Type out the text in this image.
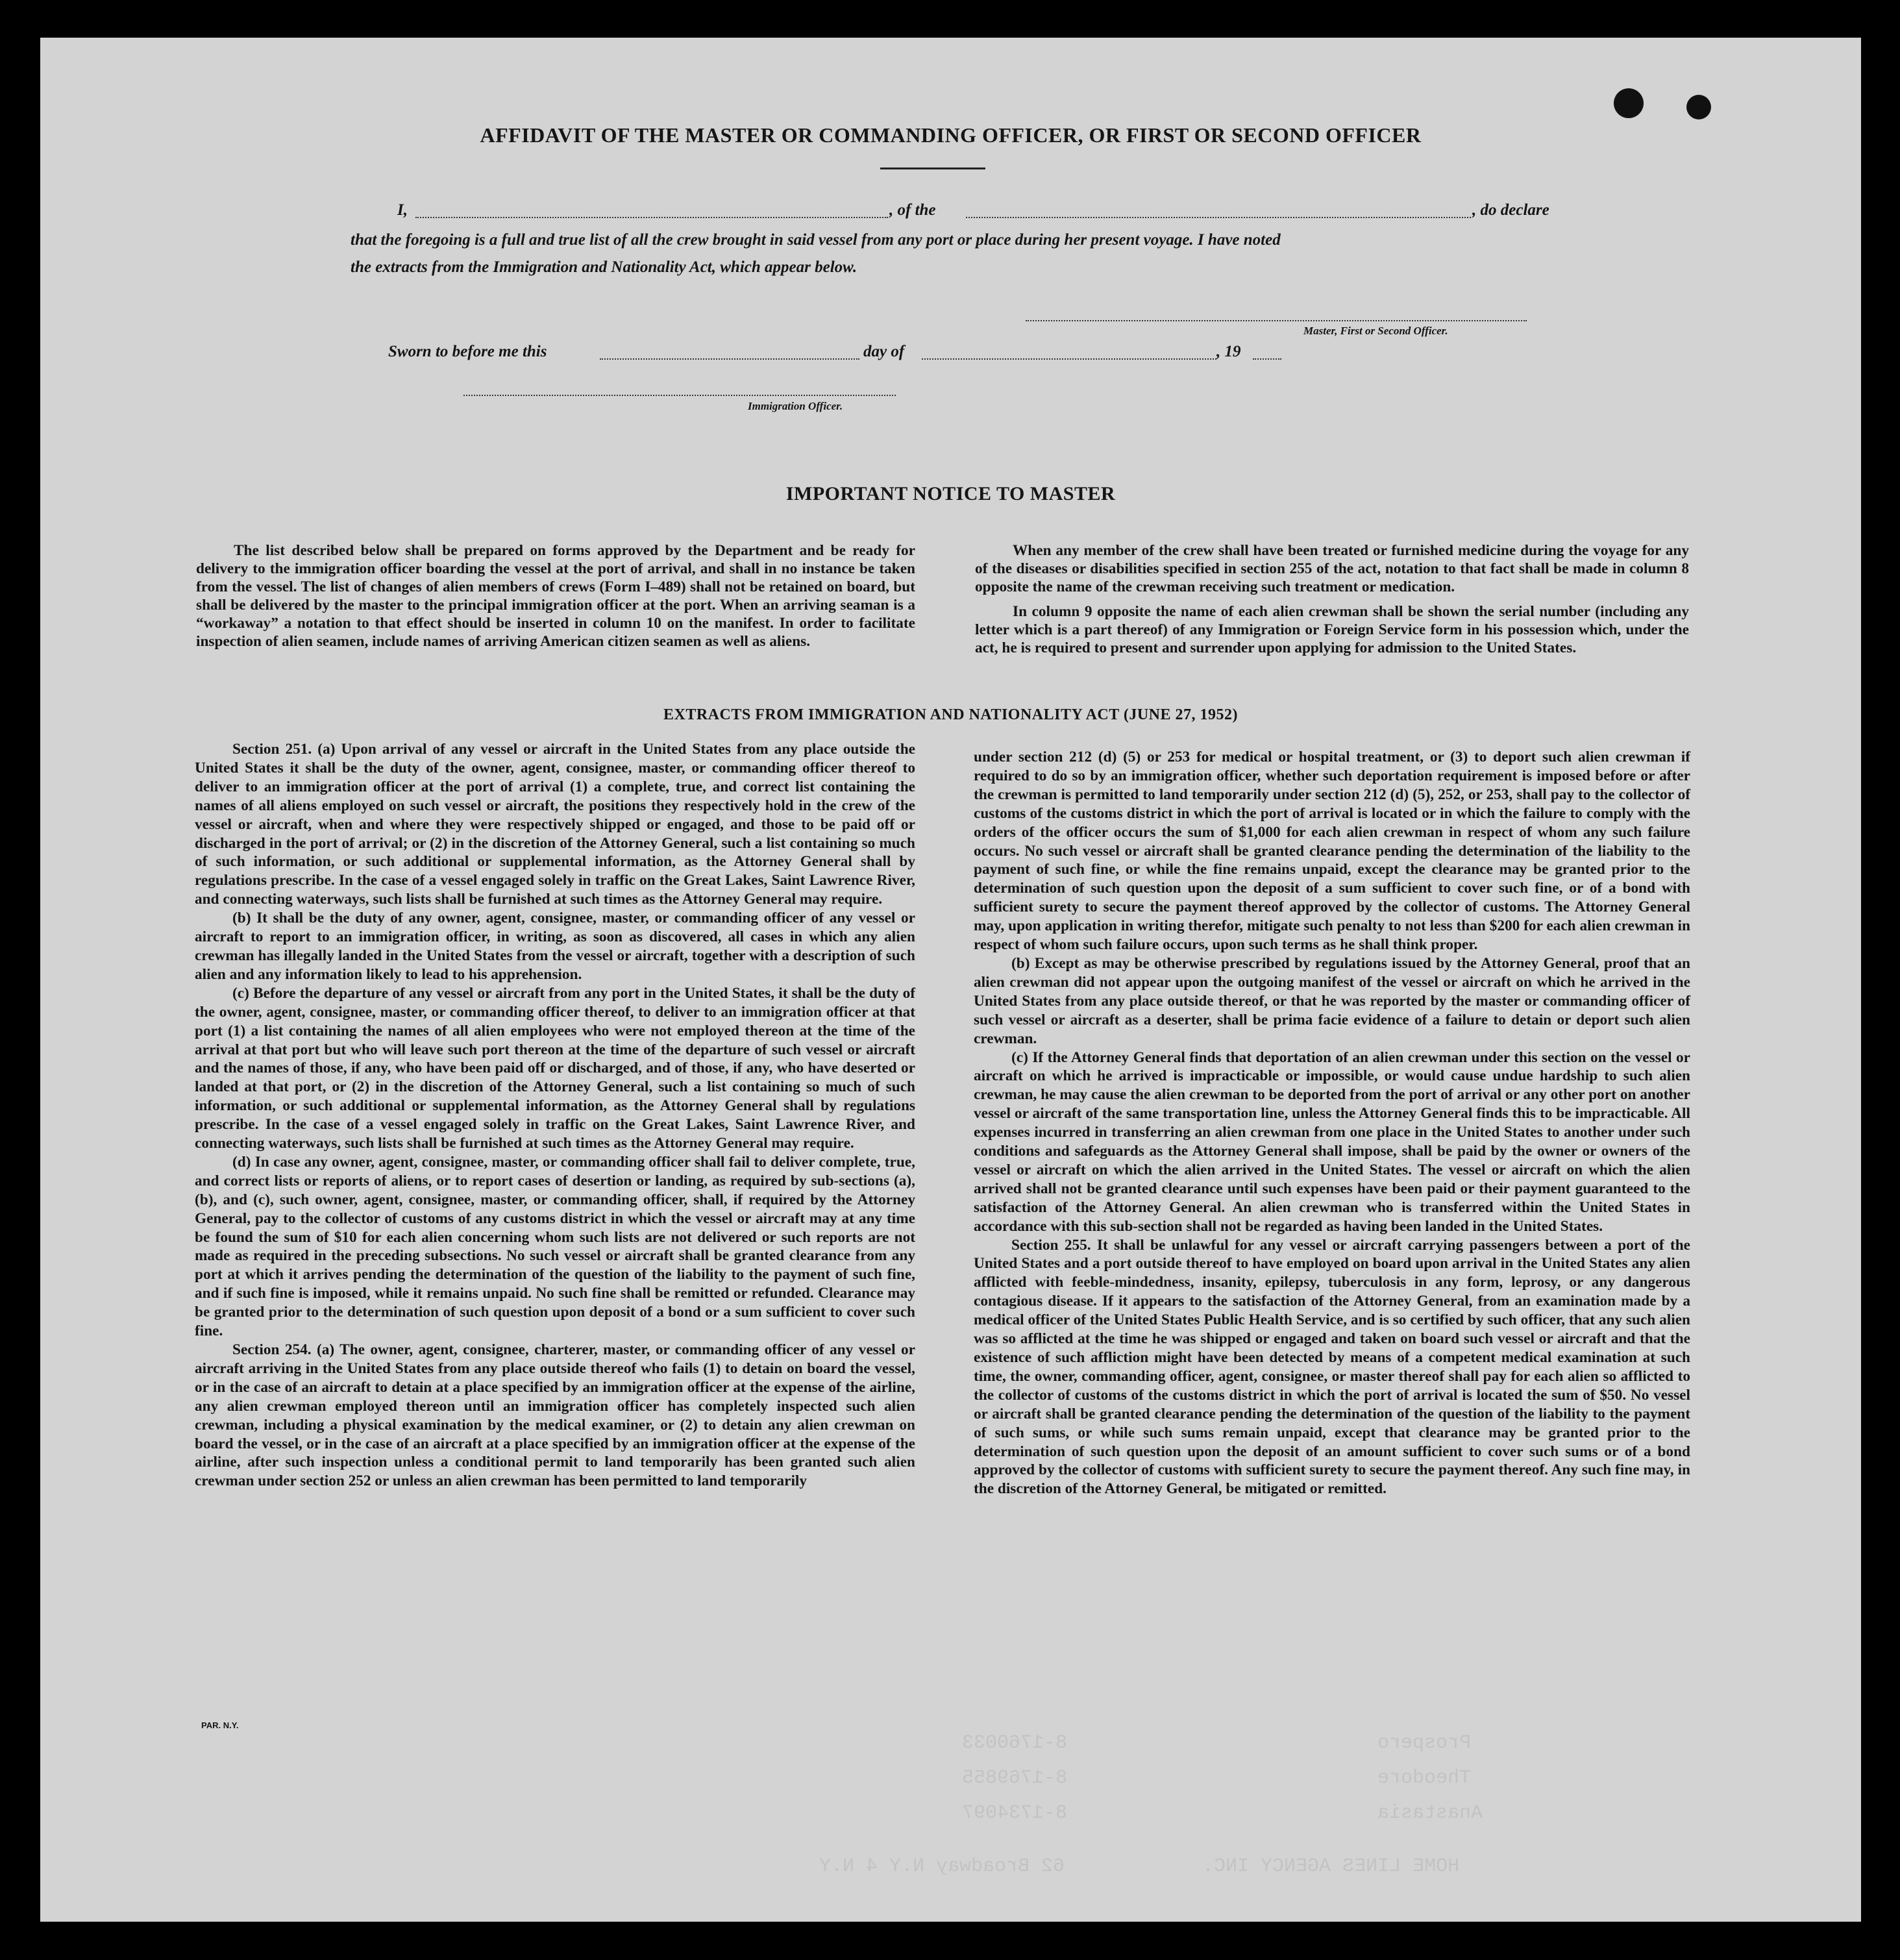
AFFIDAVIT OF THE MASTER OR COMMANDING OFFICER, OR FIRST OR SECOND OFFICER
I,	, of the	, do declare
that the foregoing is a full and true list of all the crew brought in said vessel from any port or place during her present voyage. I have noted
the extracts from the Immigration and Nationality Act, which appear below.
Master, First or Second Officer.
Sworn to before me this	day of	, 19
Immigration Officer.
IMPORTANT NOTICE TO MASTER

The list described below shall be prepared on forms approved by the Department and be ready for delivery to the immigration officer boarding the vessel at the port of arrival, and shall in no instance be taken from the vessel. The list of changes of alien members of crews (Form I–489) shall not be retained on board, but shall be delivered by the master to the principal immigration officer at the port. When an arriving seaman is a “workaway” a notation to that effect should be inserted in column 10 on the manifest. In order to facilitate inspection of alien seamen, include names of arriving American citizen seamen as well as aliens.

When any member of the crew shall have been treated or furnished medicine during the voyage for any of the diseases or disabilities specified in section 255 of the act, notation to that fact shall be made in column 8 opposite the name of the crewman receiving such treatment or medication.

In column 9 opposite the name of each alien crewman shall be shown the serial number (including any letter which is a part thereof) of any Immigration or Foreign Service form in his possession which, under the act, he is required to present and surrender upon applying for admission to the United States.

EXTRACTS FROM IMMIGRATION AND NATIONALITY ACT (JUNE 27, 1952)

Section 251. (a) Upon arrival of any vessel or aircraft in the United States from any place outside the United States it shall be the duty of the owner, agent, consignee, master, or commanding officer thereof to deliver to an immigration officer at the port of arrival (1) a complete, true, and correct list containing the names of all aliens employed on such vessel or aircraft, the positions they respectively hold in the crew of the vessel or aircraft, when and where they were respectively shipped or engaged, and those to be paid off or discharged in the port of arrival; or (2) in the discretion of the Attorney General, such a list containing so much of such information, or such additional or supplemental information, as the Attorney General shall by regulations prescribe. In the case of a vessel engaged solely in traffic on the Great Lakes, Saint Lawrence River, and connecting waterways, such lists shall be furnished at such times as the Attorney General may require.

(b) It shall be the duty of any owner, agent, consignee, master, or commanding officer of any vessel or aircraft to report to an immigration officer, in writing, as soon as discovered, all cases in which any alien crewman has illegally landed in the United States from the vessel or aircraft, together with a description of such alien and any information likely to lead to his apprehension.

(c) Before the departure of any vessel or aircraft from any port in the United States, it shall be the duty of the owner, agent, consignee, master, or commanding officer thereof, to deliver to an immigration officer at that port (1) a list containing the names of all alien employees who were not employed thereon at the time of the arrival at that port but who will leave such port thereon at the time of the departure of such vessel or aircraft and the names of those, if any, who have been paid off or discharged, and of those, if any, who have deserted or landed at that port, or (2) in the discretion of the Attorney General, such a list containing so much of such information, or such additional or supplemental information, as the Attorney General shall by regulations prescribe. In the case of a vessel engaged solely in traffic on the Great Lakes, Saint Lawrence River, and connecting waterways, such lists shall be furnished at such times as the Attorney General may require.

(d) In case any owner, agent, consignee, master, or commanding officer shall fail to deliver complete, true, and correct lists or reports of aliens, or to report cases of desertion or landing, as required by sub-sections (a), (b), and (c), such owner, agent, consignee, master, or commanding officer, shall, if required by the Attorney General, pay to the collector of customs of any customs district in which the vessel or aircraft may at any time be found the sum of $10 for each alien concerning whom such lists are not delivered or such reports are not made as required in the preceding subsections. No such vessel or aircraft shall be granted clearance from any port at which it arrives pending the determination of the question of the liability to the payment of such fine, and if such fine is imposed, while it remains unpaid. No such fine shall be remitted or refunded. Clearance may be granted prior to the determination of such question upon deposit of a bond or a sum sufficient to cover such fine.

Section 254. (a) The owner, agent, consignee, charterer, master, or commanding officer of any vessel or aircraft arriving in the United States from any place outside thereof who fails (1) to detain on board the vessel, or in the case of an aircraft to detain at a place specified by an immigration officer at the expense of the airline, any alien crewman employed thereon until an immigration officer has completely inspected such alien crewman, including a physical examination by the medical examiner, or (2) to detain any alien crewman on board the vessel, or in the case of an aircraft at a place specified by an immigration officer at the expense of the airline, after such inspection unless a conditional permit to land temporarily has been granted such alien crewman under section 252 or unless an alien crewman has been permitted to land temporarily

under section 212 (d) (5) or 253 for medical or hospital treatment, or (3) to deport such alien crewman if required to do so by an immigration officer, whether such deportation requirement is imposed before or after the crewman is permitted to land temporarily under section 212 (d) (5), 252, or 253, shall pay to the collector of customs of the customs district in which the port of arrival is located or in which the failure to comply with the orders of the officer occurs the sum of $1,000 for each alien crewman in respect of whom any such failure occurs. No such vessel or aircraft shall be granted clearance pending the determination of the liability to the payment of such fine, or while the fine remains unpaid, except the clearance may be granted prior to the determination of such question upon the deposit of a sum sufficient to cover such fine, or of a bond with sufficient surety to secure the payment thereof approved by the collector of customs. The Attorney General may, upon application in writing therefor, mitigate such penalty to not less than $200 for each alien crewman in respect of whom such failure occurs, upon such terms as he shall think proper.

(b) Except as may be otherwise prescribed by regulations issued by the Attorney General, proof that an alien crewman did not appear upon the outgoing manifest of the vessel or aircraft on which he arrived in the United States from any place outside thereof, or that he was reported by the master or commanding officer of such vessel or aircraft as a deserter, shall be prima facie evidence of a failure to detain or deport such alien crewman.

(c) If the Attorney General finds that deportation of an alien crewman under this section on the vessel or aircraft on which he arrived is impracticable or impossible, or would cause undue hardship to such alien crewman, he may cause the alien crewman to be deported from the port of arrival or any other port on another vessel or aircraft of the same transportation line, unless the Attorney General finds this to be impracticable. All expenses incurred in transferring an alien crewman from one place in the United States to another under such conditions and safeguards as the Attorney General shall impose, shall be paid by the owner or owners of the vessel or aircraft on which the alien arrived in the United States. The vessel or aircraft on which the alien arrived shall not be granted clearance until such expenses have been paid or their payment guaranteed to the satisfaction of the Attorney General. An alien crewman who is transferred within the United States in accordance with this sub-section shall not be regarded as having been landed in the United States.

Section 255. It shall be unlawful for any vessel or aircraft carrying passengers between a port of the United States and a port outside thereof to have employed on board upon arrival in the United States any alien afflicted with feeble-mindedness, insanity, epilepsy, tuberculosis in any form, leprosy, or any dangerous contagious disease. If it appears to the satisfaction of the Attorney General, from an examination made by a medical officer of the United States Public Health Service, and is so certified by such officer, that any such alien was so afflicted at the time he was shipped or engaged and taken on board such vessel or aircraft and that the existence of such affliction might have been detected by means of a competent medical examination at such time, the owner, commanding officer, agent, consignee, or master thereof shall pay for each alien so afflicted to the collector of customs of the customs district in which the port of arrival is located the sum of $50. No vessel or aircraft shall be granted clearance pending the determination of the question of the liability to the payment of such sums, or while such sums remain unpaid, except that clearance may be granted prior to the determination of such question upon the deposit of an amount sufficient to cover such sums or of a bond approved by the collector of customs with sufficient surety to secure the payment thereof. Any such fine may, in the discretion of the Attorney General, be mitigated or remitted.

PAR. N.Y.
8-1760033
8-1769855
8-1734097
Prospero
Theodore
Anastasia
62 Broadway N.Y 4 N.Y	HOME LINES AGENCY INC.
